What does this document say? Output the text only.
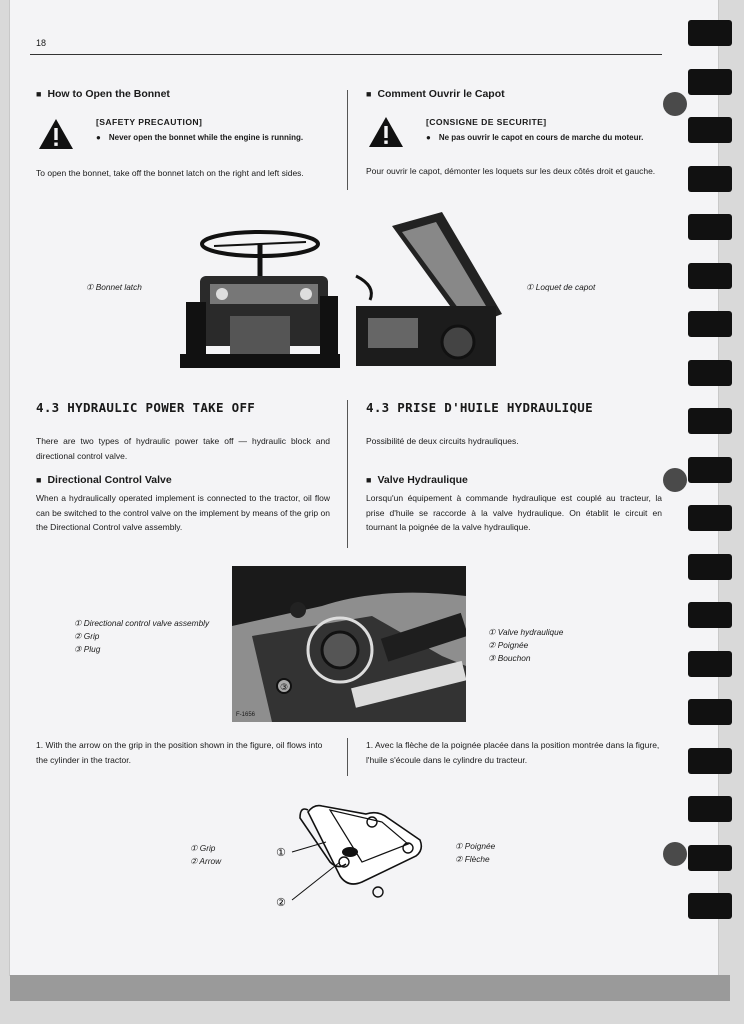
18
■ How to Open the Bonnet
[SAFETY PRECAUTION]
● Never open the bonnet while the engine is running.
To open the bonnet, take off the bonnet latch on the right and left sides.
■ Comment Ouvrir le Capot
[CONSIGNE DE SECURITE]
● Ne pas ouvrir le capot en cours de marche du moteur.
Pour ouvrir le capot, démonter les loquets sur les deux côtés droit et gauche.
① Bonnet latch	① Loquet de capot
4.3 HYDRAULIC POWER TAKE OFF	4.3 PRISE D'HUILE HYDRAULIQUE
There are two types of hydraulic power take off — hydraulic block and directional control valve.
Possibilité de deux circuits hydrauliques.
■ Directional Control Valve
■	Valve Hydraulique
When a hydraulically operated implement is connected to the tractor, oil flow can be switched to the control valve on the implement by means of the grip on the Directional Control valve assembly.
Lorsqu'un équipement à commande hydraulique est couplé au tracteur, la prise d'huile se raccorde à la valve hydraulique. On établit le circuit en tournant la poignée de la valve hydraulique.
③
F-1656
① Directional control valve assembly
② Grip
③ Plug
① Valve hydraulique
② Poignée
③ Bouchon
1. With the arrow on the grip in the position shown in the figure, oil flows into the cylinder in the tractor.
1. Avec la flèche de la poignée placée dans la position montrée dans la figure, l'huile s'écoule dans le cylindre du tracteur.
①
②
① Grip
② Arrow
① Poignée
② Flèche
